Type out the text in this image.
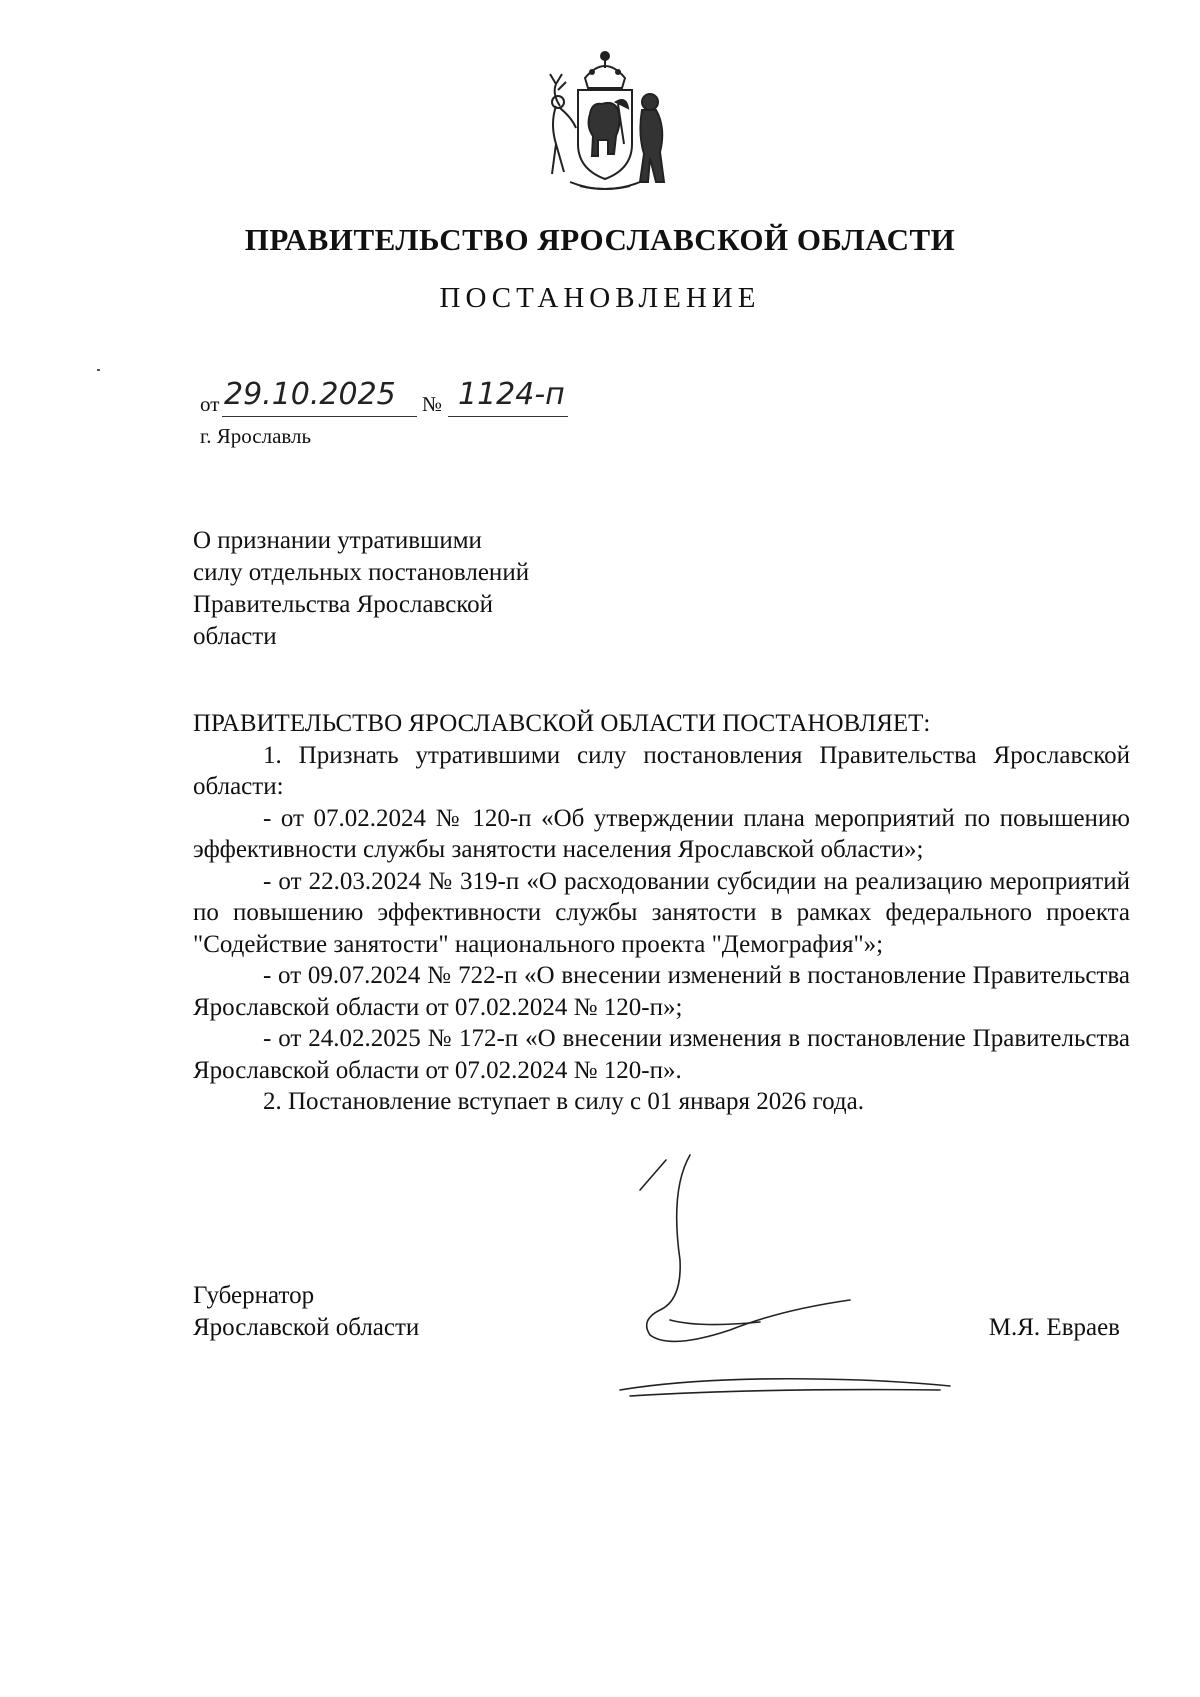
ПРАВИТЕЛЬСТВО ЯРОСЛАВСКОЙ ОБЛАСТИ
ПОСТАНОВЛЕНИЕ
от 29.10.2025 № 1124-п
г. Ярославль
О признании утратившими
силу отдельных постановлений
Правительства Ярославской
области

ПРАВИТЕЛЬСТВО ЯРОСЛАВСКОЙ ОБЛАСТИ ПОСТАНОВЛЯЕТ:

1. Признать утратившими силу постановления Правительства Ярославской области:

- от 07.02.2024 № 120-п «Об утверждении плана мероприятий по повышению эффективности службы занятости населения Ярославской области»;

- от 22.03.2024 № 319-п «О расходовании субсидии на реализацию мероприятий по повышению эффективности службы занятости в рамках федерального проекта "Содействие занятости" национального проекта "Демография"»;

- от 09.07.2024 № 722-п «О внесении изменений в постановление Правительства Ярославской области от 07.02.2024 № 120-п»;

- от 24.02.2025 № 172-п «О внесении изменения в постановление Правительства Ярославской области от 07.02.2024 № 120-п».

2. Постановление вступает в силу с 01 января 2026 года.

Губернатор
Ярославской области	М.Я. Евраев
